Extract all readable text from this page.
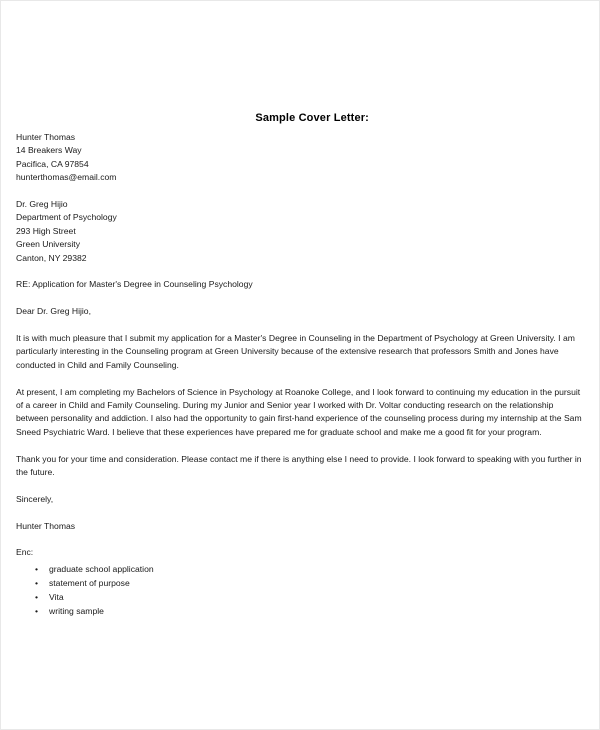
Sample Cover Letter:
Hunter Thomas
14 Breakers Way
Pacifica, CA 97854
hunterthomas@email.com
Dr. Greg Hijio
Department of Psychology
293 High Street
Green University
Canton, NY 29382
RE: Application for Master's Degree in Counseling Psychology
Dear Dr. Greg Hijio,

It is with much pleasure that I submit my application for a Master's Degree in Counseling in the Department of Psychology at Green University. I am particularly interesting in the Counseling program at Green University because of the extensive research that professors Smith and Jones have conducted in Child and Family Counseling.

At present, I am completing my Bachelors of Science in Psychology at Roanoke College, and I look forward to continuing my education in the pursuit of a career in Child and Family Counseling. During my Junior and Senior year I worked with Dr. Voltar conducting research on the relationship between personality and addiction. I also had the opportunity to gain first-hand experience of the counseling process during my internship at the Sam Sneed Psychiatric Ward. I believe that these experiences have prepared me for graduate school and make me a good fit for your program.

Thank you for your time and consideration. Please contact me if there is anything else I need to provide. I look forward to speaking with you further in the future.

Sincerely,
Hunter Thomas
Enc:
• graduate school application
• statement of purpose
• Vita
• writing sample
